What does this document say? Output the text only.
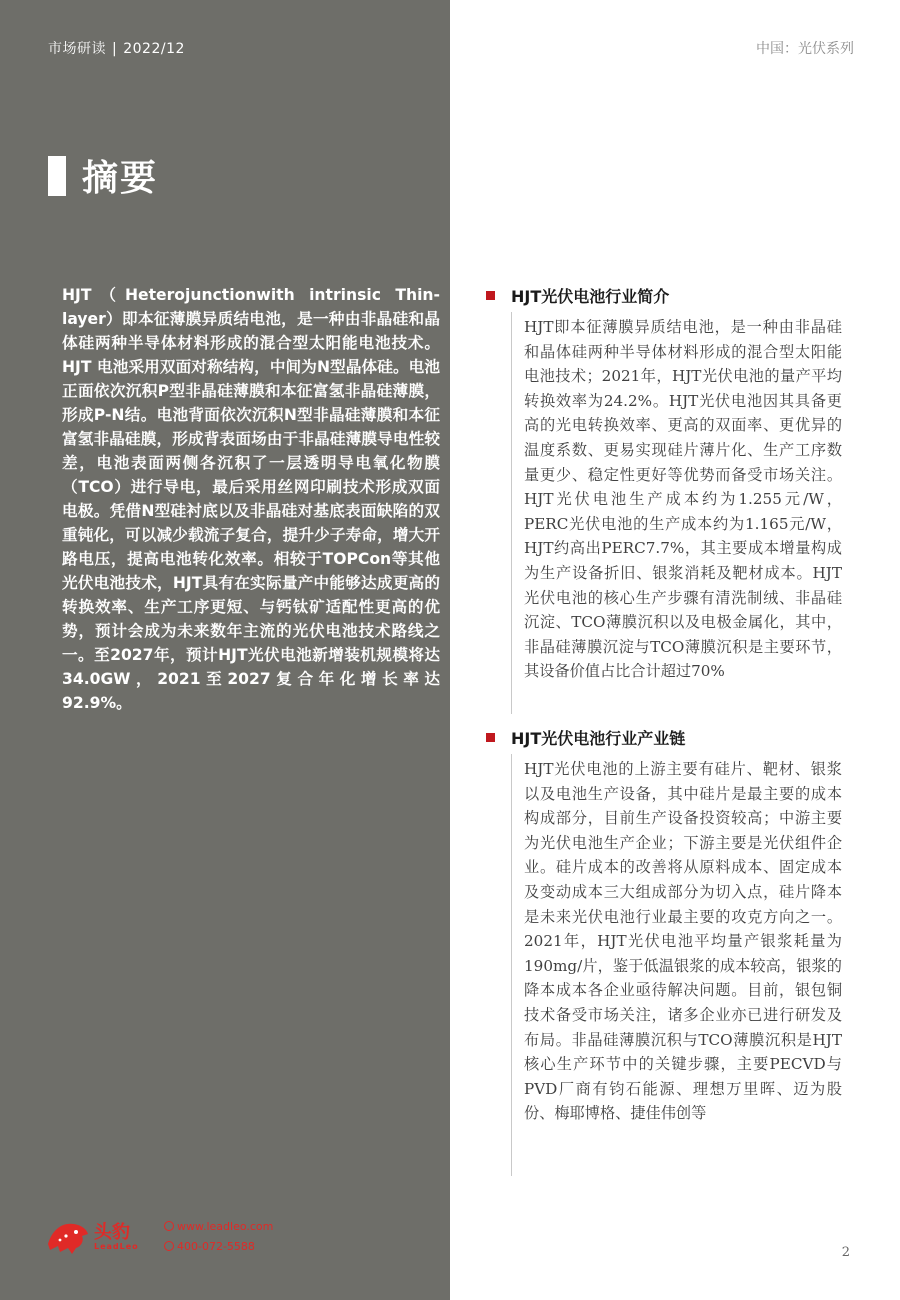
市场研读 | 2022/12	中国：光伏系列
摘要
HJT（Heterojunctionwith intrinsic Thin-layer）即本征薄膜异质结电池，是一种由非晶硅和晶体硅两种半导体材料形成的混合型太阳能电池技术。HJT 电池采用双面对称结构，中间为N型晶体硅。电池正面依次沉积P型非晶硅薄膜和本征富氢非晶硅薄膜，形成P-N结。电池背面依次沉积N型非晶硅薄膜和本征富氢非晶硅膜，形成背表面场由于非晶硅薄膜导电性较差，电池表面两侧各沉积了一层透明导电氧化物膜（TCO）进行导电，最后采用丝网印刷技术形成双面电极。凭借N型硅衬底以及非晶硅对基底表面缺陷的双重钝化，可以减少载流子复合，提升少子寿命，增大开路电压，提高电池转化效率。相较于TOPCon等其他光伏电池技术，HJT具有在实际量产中能够达成更高的转换效率、生产工序更短、与钙钛矿适配性更高的优势，预计会成为未来数年主流的光伏电池技术路线之一。至2027年，预计HJT光伏电池新增装机规模将达34.0GW，2021至2027复合年化增长率达92.9%。
头豹
LeadLeo
www.leadleo.com
400-072-5588
HJT光伏电池行业简介
HJT即本征薄膜异质结电池，是一种由非晶硅和晶体硅两种半导体材料形成的混合型太阳能电池技术；2021年，HJT光伏电池的量产平均转换效率为24.2%。HJT光伏电池因其具备更高的光电转换效率、更高的双面率、更优异的温度系数、更易实现硅片薄片化、生产工序数量更少、稳定性更好等优势而备受市场关注。HJT光伏电池生产成本约为1.255元/W，PERC光伏电池的生产成本约为1.165元/W，HJT约高出PERC7.7%，其主要成本增量构成为生产设备折旧、银浆消耗及靶材成本。HJT光伏电池的核心生产步骤有清洗制绒、非晶硅沉淀、TCO薄膜沉积以及电极金属化，其中，非晶硅薄膜沉淀与TCO薄膜沉积是主要环节，其设备价值占比合计超过70%
HJT光伏电池行业产业链
HJT光伏电池的上游主要有硅片、靶材、银浆以及电池生产设备，其中硅片是最主要的成本构成部分，目前生产设备投资较高；中游主要为光伏电池生产企业；下游主要是光伏组件企业。硅片成本的改善将从原料成本、固定成本及变动成本三大组成部分为切入点，硅片降本是未来光伏电池行业最主要的攻克方向之一。2021年，HJT光伏电池平均量产银浆耗量为190mg/片，鉴于低温银浆的成本较高，银浆的降本成本各企业亟待解决问题。目前，银包铜技术备受市场关注，诸多企业亦已进行研发及布局。非晶硅薄膜沉积与TCO薄膜沉积是HJT核心生产环节中的关键步骤，主要PECVD与PVD厂商有钧石能源、理想万里晖、迈为股份、梅耶博格、捷佳伟创等
2
